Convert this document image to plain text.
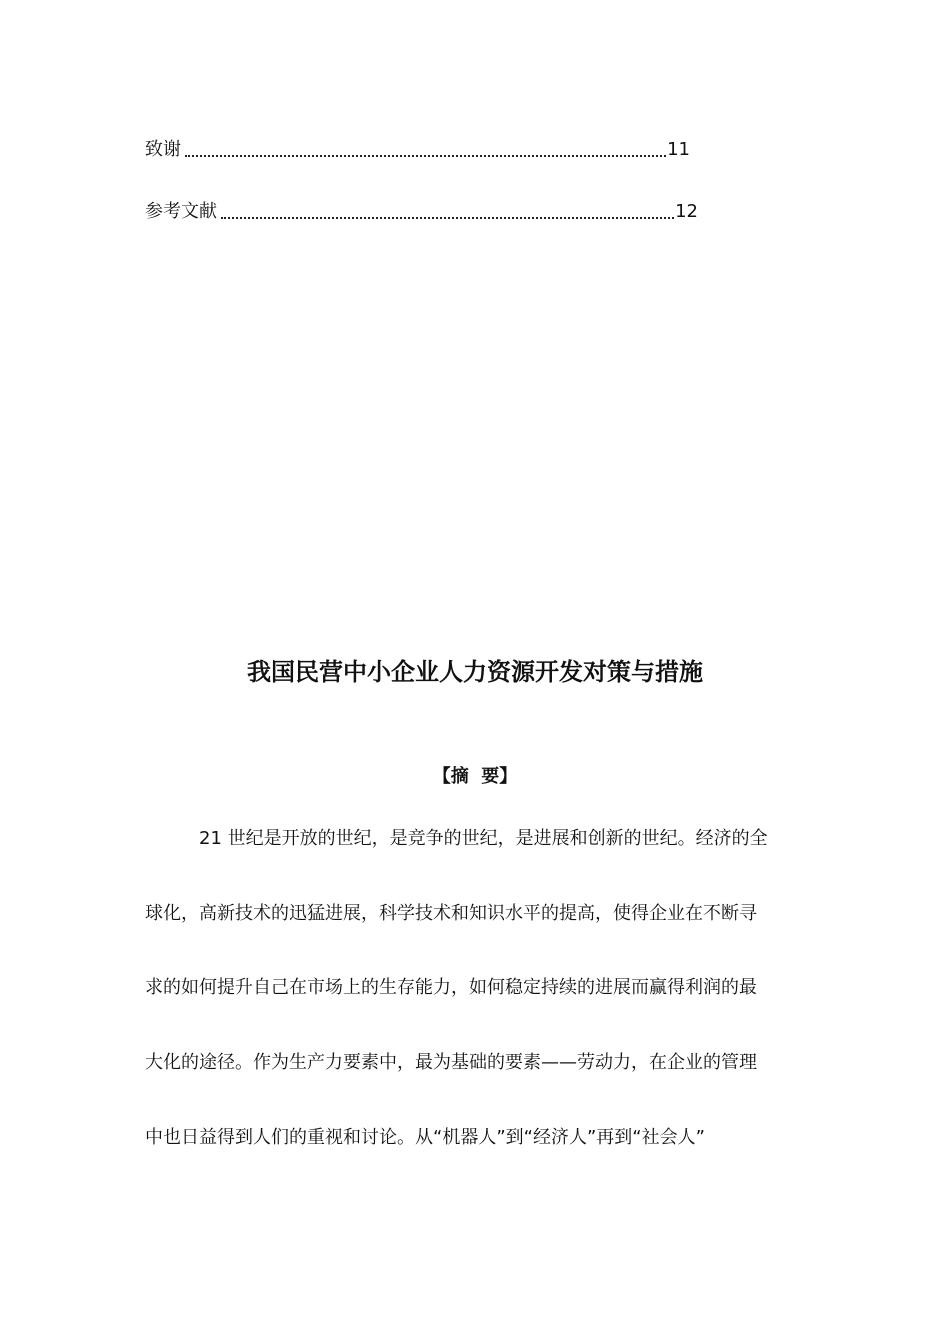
致谢	11
参考文献	12
我国民营中小企业人力资源开发对策与措施
【摘  要】
21 世纪是开放的世纪，是竞争的世纪，是进展和创新的世纪。经济的全
球化，高新技术的迅猛进展，科学技术和知识水平的提高，使得企业在不断寻
求的如何提升自己在市场上的生存能力，如何稳定持续的进展而赢得利润的最
大化的途径。作为生产力要素中，最为基础的要素——劳动力，在企业的管理
中也日益得到人们的重视和讨论。从“机器人”到“经济人”再到“社会人”
